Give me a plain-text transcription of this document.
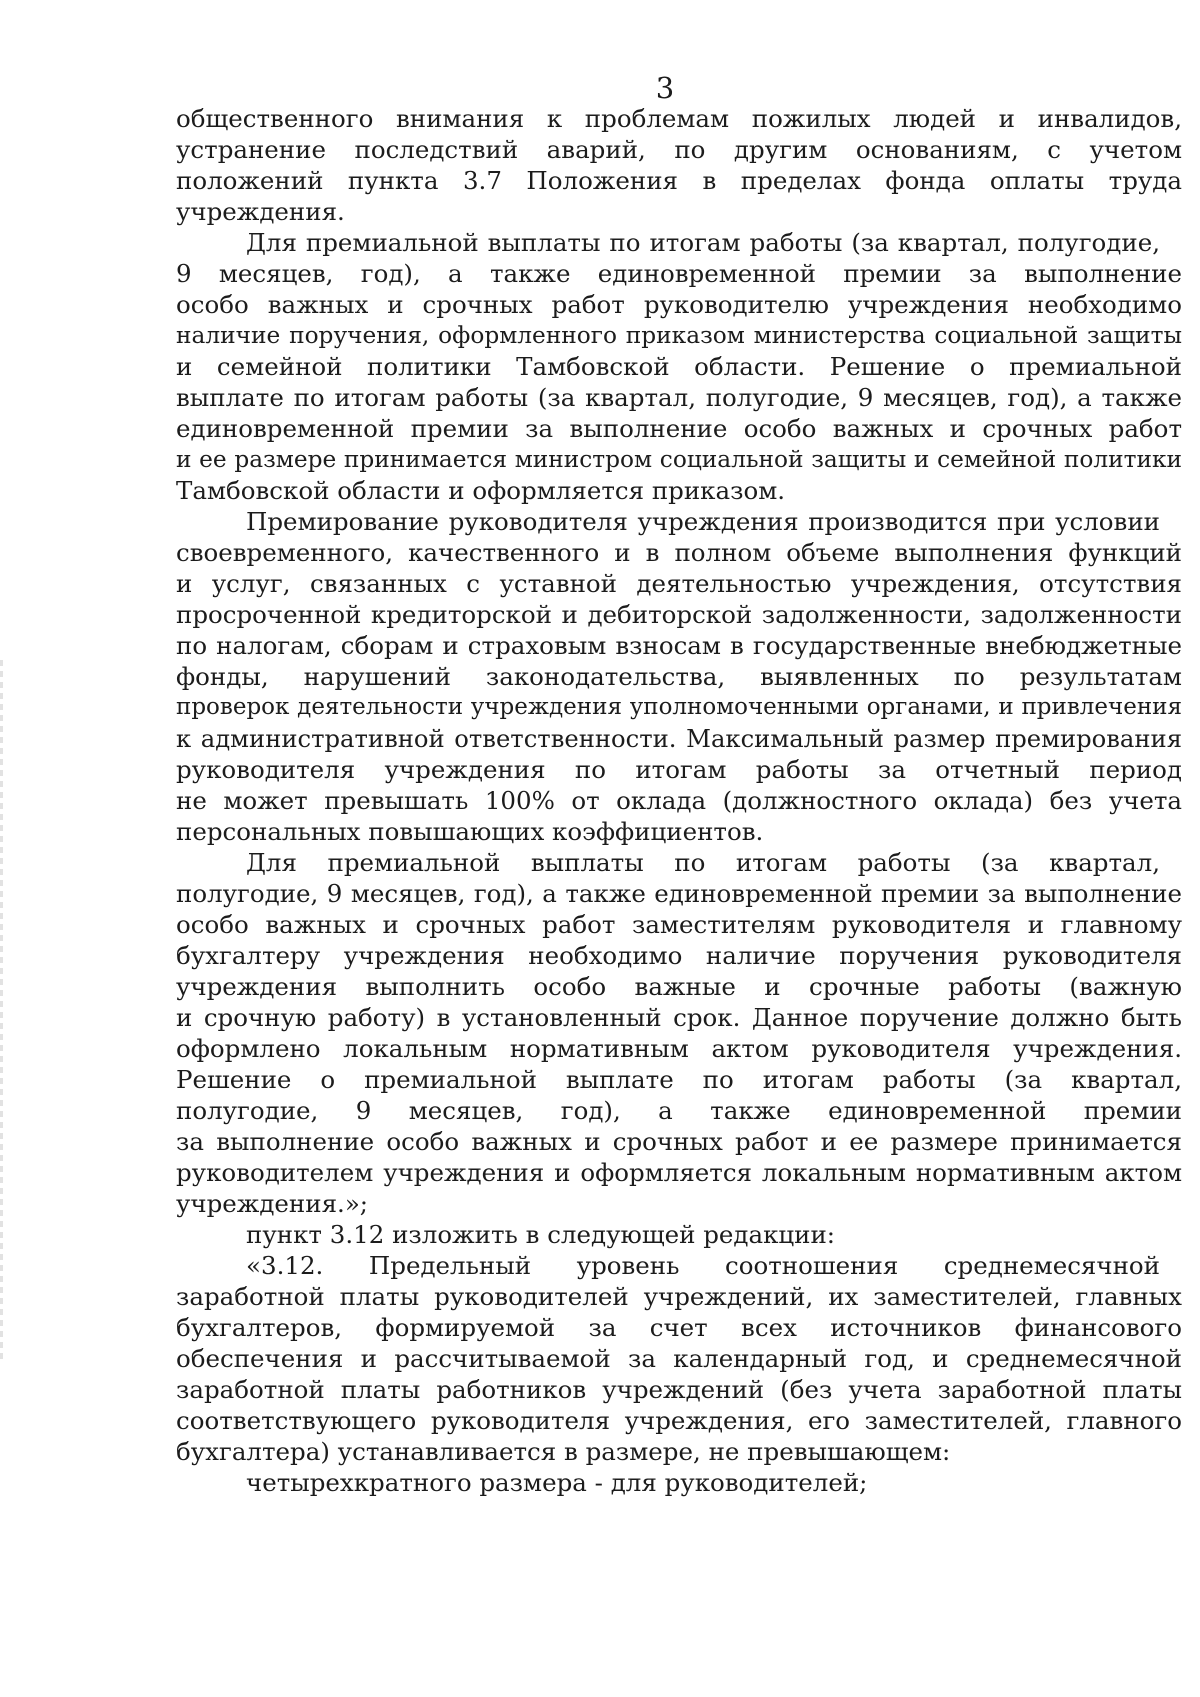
3
общественного внимания к проблемам пожилых людей и инвалидов,
устранение последствий аварий, по другим основаниям, с учетом
положений пункта 3.7 Положения в пределах фонда оплаты труда
учреждения.
Для премиальной выплаты по итогам работы (за квартал, полугодие,
9 месяцев, год), а также единовременной премии за выполнение
особо важных и срочных работ руководителю учреждения необходимо
наличие поручения, оформленного приказом министерства социальной защиты
и семейной политики Тамбовской области. Решение о премиальной
выплате по итогам работы (за квартал, полугодие, 9 месяцев, год), а также
единовременной премии за выполнение особо важных и срочных работ
и ее размере принимается министром социальной защиты и семейной политики
Тамбовской области и оформляется приказом.
Премирование руководителя учреждения производится при условии
своевременного, качественного и в полном объеме выполнения функций
и услуг, связанных с уставной деятельностью учреждения, отсутствия
просроченной кредиторской и дебиторской задолженности, задолженности
по налогам, сборам и страховым взносам в государственные внебюджетные
фонды, нарушений законодательства, выявленных по результатам
проверок деятельности учреждения уполномоченными органами, и привлечения
к административной ответственности. Максимальный размер премирования
руководителя учреждения по итогам работы за отчетный период
не может превышать 100% от оклада (должностного оклада) без учета
персональных повышающих коэффициентов.
Для премиальной выплаты по итогам работы (за квартал,
полугодие, 9 месяцев, год), а также единовременной премии за выполнение
особо важных и срочных работ заместителям руководителя и главному
бухгалтеру учреждения необходимо наличие поручения руководителя
учреждения выполнить особо важные и срочные работы (важную
и срочную работу) в установленный срок. Данное поручение должно быть
оформлено локальным нормативным актом руководителя учреждения.
Решение о премиальной выплате по итогам работы (за квартал,
полугодие, 9 месяцев, год), а также единовременной премии
за выполнение особо важных и срочных работ и ее размере принимается
руководителем учреждения и оформляется локальным нормативным актом
учреждения.»;
пункт 3.12 изложить в следующей редакции:
«3.12. Предельный уровень соотношения среднемесячной
заработной платы руководителей учреждений, их заместителей, главных
бухгалтеров, формируемой за счет всех источников финансового
обеспечения и рассчитываемой за календарный год, и среднемесячной
заработной платы работников учреждений (без учета заработной платы
соответствующего руководителя учреждения, его заместителей, главного
бухгалтера) устанавливается в размере, не превышающем:
четырехкратного размера - для руководителей;
